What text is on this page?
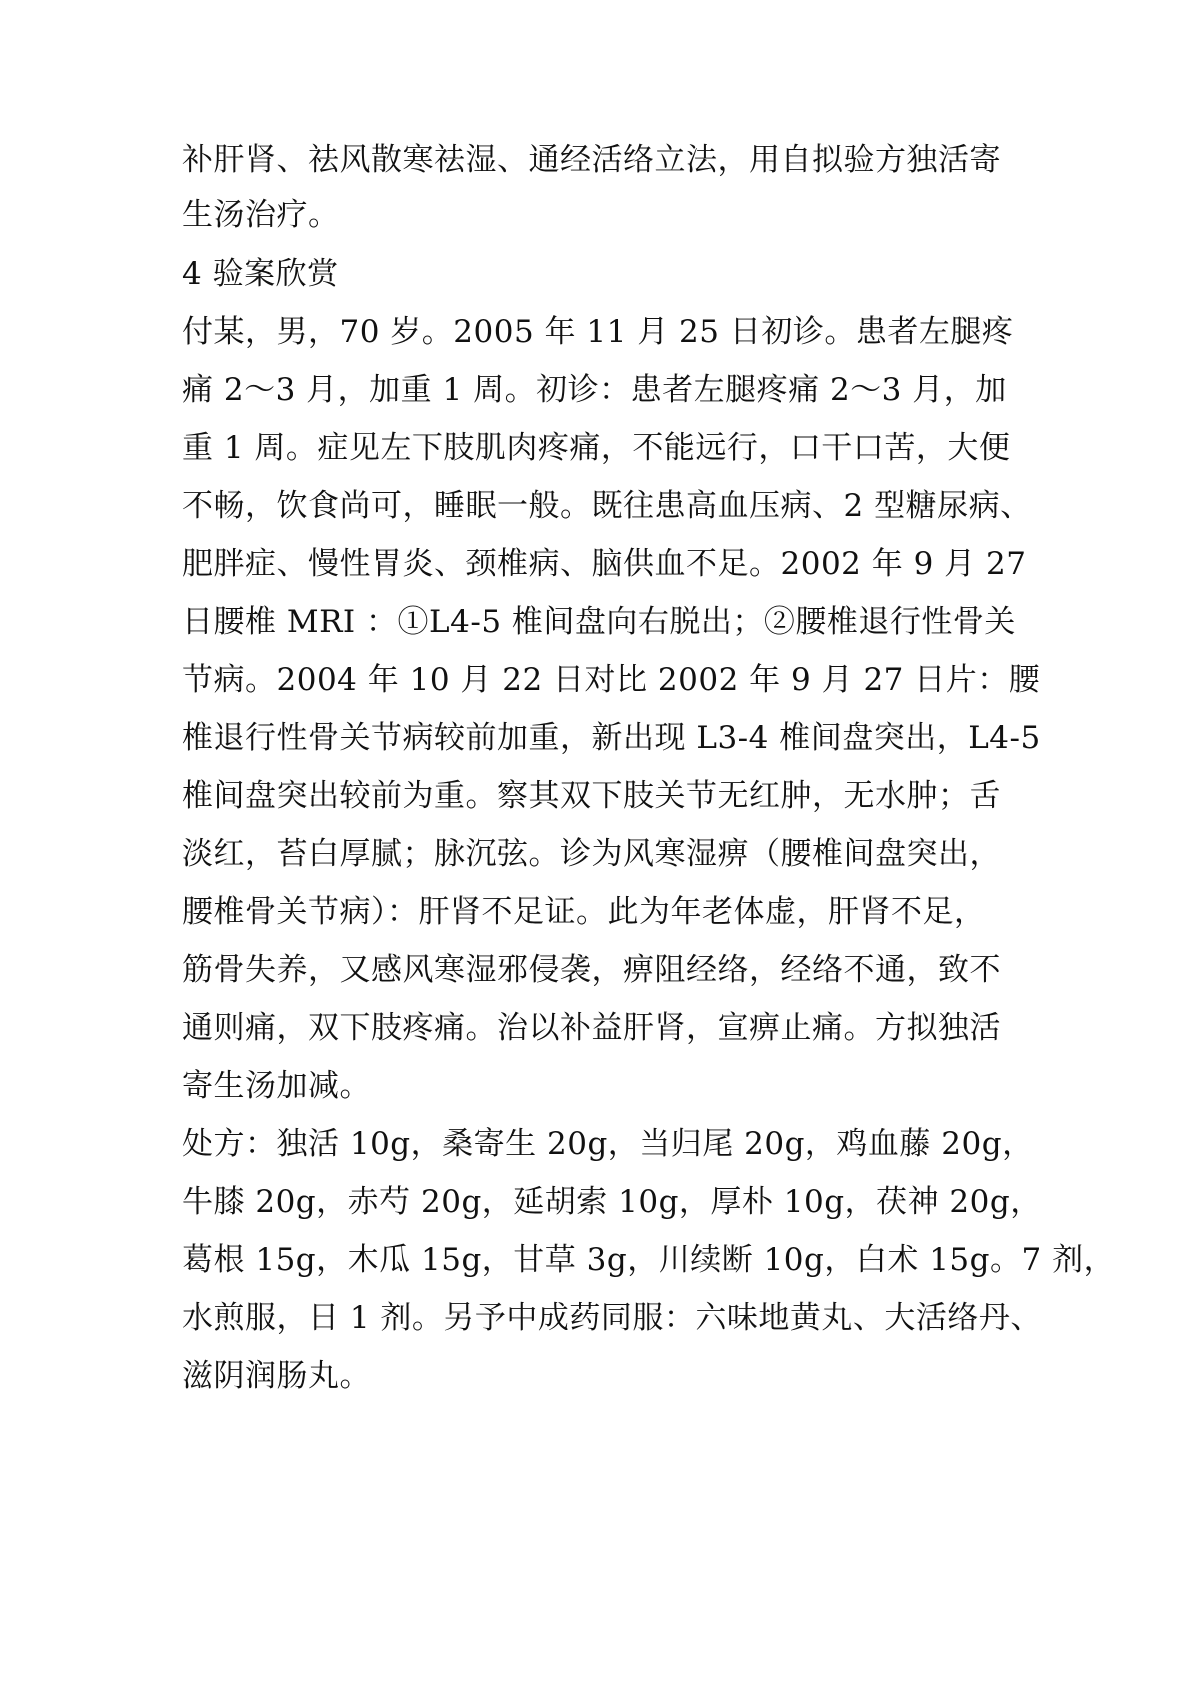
补肝肾、祛风散寒祛湿、通经活络立法，用自拟验方独活寄
生汤治疗。
4 验案欣赏
付某，男，70 岁。2005 年 11 月 25 日初诊。患者左腿疼
痛 2～3 月，加重 1 周。初诊：患者左腿疼痛 2～3 月，加
重 1 周。症见左下肢肌肉疼痛，不能远行，口干口苦，大便
不畅，饮食尚可，睡眠一般。既往患高血压病、2 型糖尿病、
肥胖症、慢性胃炎、颈椎病、脑供血不足。2002 年 9 月 27
日腰椎 MRI ：①L4-5 椎间盘向右脱出；②腰椎退行性骨关
节病。2004 年 10 月 22 日对比 2002 年 9 月 27 日片：腰
椎退行性骨关节病较前加重，新出现 L3-4 椎间盘突出，L4-5
椎间盘突出较前为重。察其双下肢关节无红肿，无水肿；舌
淡红，苔白厚腻；脉沉弦。诊为风寒湿痹（腰椎间盘突出，
腰椎骨关节病）：肝肾不足证。此为年老体虚，肝肾不足，
筋骨失养，又感风寒湿邪侵袭，痹阻经络，经络不通，致不
通则痛，双下肢疼痛。治以补益肝肾，宣痹止痛。方拟独活
寄生汤加减。
处方：独活 10g，桑寄生 20g，当归尾 20g，鸡血藤 20g，
牛膝 20g，赤芍 20g，延胡索 10g，厚朴 10g，茯神 20g，
葛根 15g，木瓜 15g，甘草 3g，川续断 10g，白术 15g。7 剂，
水煎服，日 1 剂。另予中成药同服：六味地黄丸、大活络丹、
滋阴润肠丸。
